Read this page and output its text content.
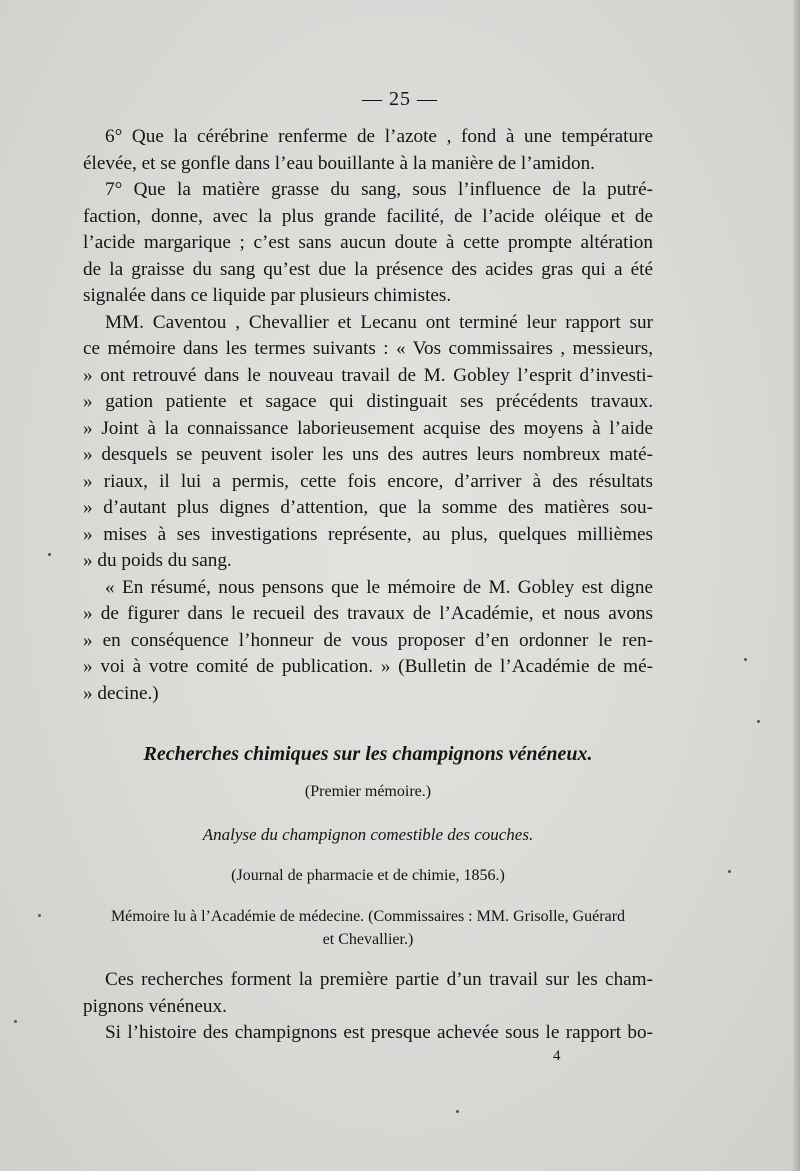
— 25 —
6° Que la cérébrine renferme de l’azote , fond à une température
élevée, et se gonfle dans l’eau bouillante à la manière de l’amidon.
7° Que la matière grasse du sang, sous l’influence de la putré-
faction, donne, avec la plus grande facilité, de l’acide oléique et de
l’acide margarique ; c’est sans aucun doute à cette prompte altération
de la graisse du sang qu’est due la présence des acides gras qui a été
signalée dans ce liquide par plusieurs chimistes.
MM. Caventou , Chevallier et Lecanu ont terminé leur rapport sur
ce mémoire dans les termes suivants : « Vos commissaires , messieurs,
» ont retrouvé dans le nouveau travail de M. Gobley l’esprit d’investi-
» gation patiente et sagace qui distinguait ses précédents travaux.
» Joint à la connaissance laborieusement acquise des moyens à l’aide
» desquels se peuvent isoler les uns des autres leurs nombreux maté-
» riaux, il lui a permis, cette fois encore, d’arriver à des résultats
» d’autant plus dignes d’attention, que la somme des matières sou-
» mises à ses investigations représente, au plus, quelques millièmes
» du poids du sang.
« En résumé, nous pensons que le mémoire de M. Gobley est digne
» de figurer dans le recueil des travaux de l’Académie, et nous avons
» en conséquence l’honneur de vous proposer d’en ordonner le ren-
» voi à votre comité de publication. » (Bulletin de l’Académie de mé-
» decine.)
Recherches chimiques sur les champignons vénéneux.
(Premier mémoire.)
Analyse du champignon comestible des couches.
(Journal de pharmacie et de chimie, 1856.)
Mémoire lu à l’Académie de médecine. (Commissaires : MM. Grisolle, Guérard
et Chevallier.)
Ces recherches forment la première partie d’un travail sur les cham-
pignons vénéneux.
Si l’histoire des champignons est presque achevée sous le rapport bo-
4
